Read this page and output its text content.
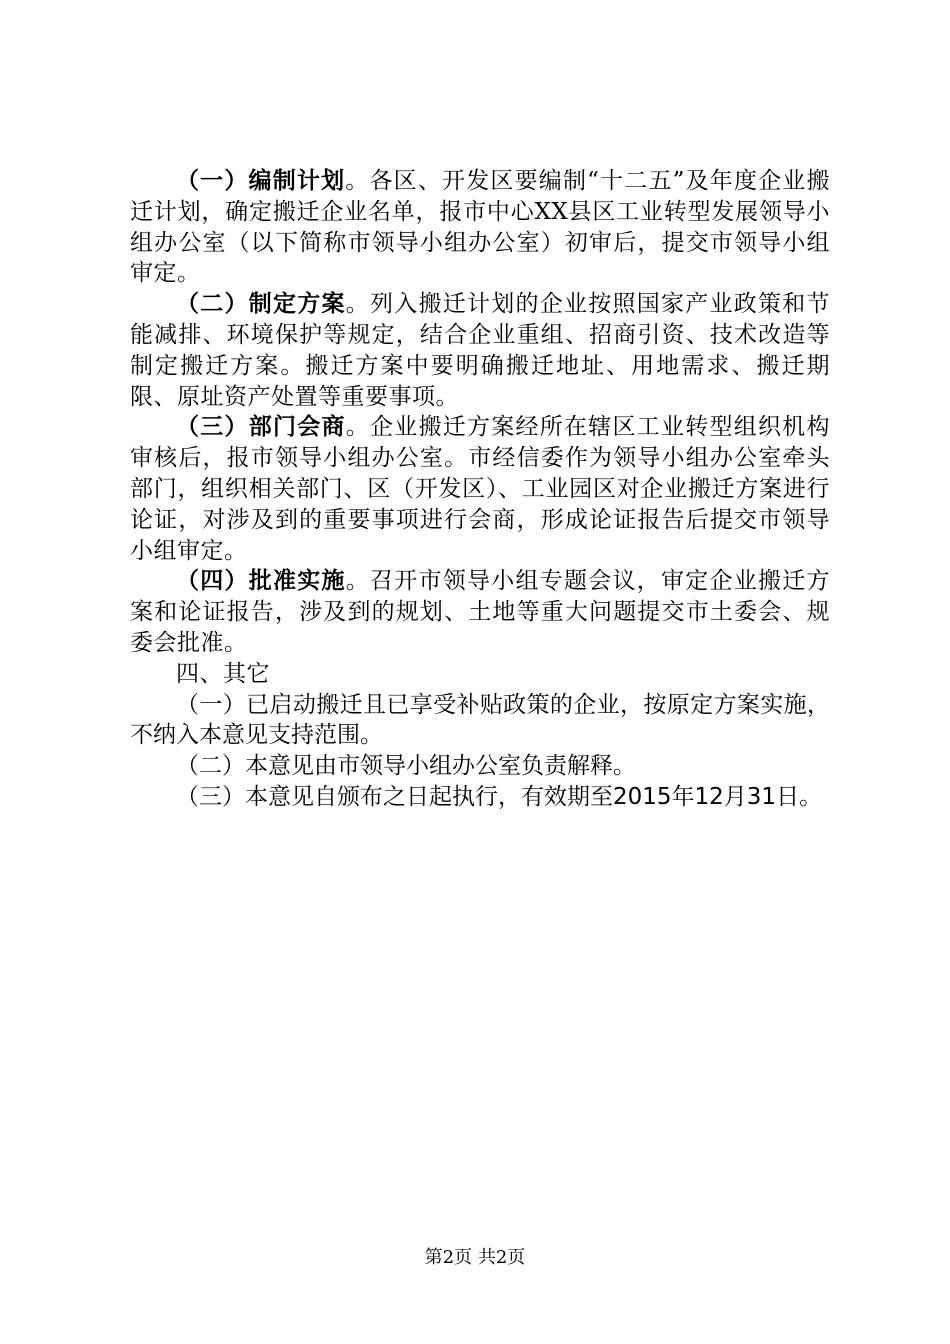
（一）编制计划。各区、开发区要编制“十二五”及年度企业搬迁计划，确定搬迁企业名单，报市中心XX县区工业转型发展领导小组办公室（以下简称市领导小组办公室）初审后，提交市领导小组审定。

（二）制定方案。列入搬迁计划的企业按照国家产业政策和节能减排、环境保护等规定，结合企业重组、招商引资、技术改造等制定搬迁方案。搬迁方案中要明确搬迁地址、用地需求、搬迁期限、原址资产处置等重要事项。

（三）部门会商。企业搬迁方案经所在辖区工业转型组织机构审核后，报市领导小组办公室。市经信委作为领导小组办公室牵头部门，组织相关部门、区（开发区）、工业园区对企业搬迁方案进行论证，对涉及到的重要事项进行会商，形成论证报告后提交市领导小组审定。

（四）批准实施。召开市领导小组专题会议，审定企业搬迁方案和论证报告，涉及到的规划、土地等重大问题提交市土委会、规委会批准。

四、其它

（一）已启动搬迁且已享受补贴政策的企业，按原定方案实施，不纳入本意见支持范围。

（二）本意见由市领导小组办公室负责解释。

（三）本意见自颁布之日起执行，有效期至2015年12月31日。

第2页 共2页
